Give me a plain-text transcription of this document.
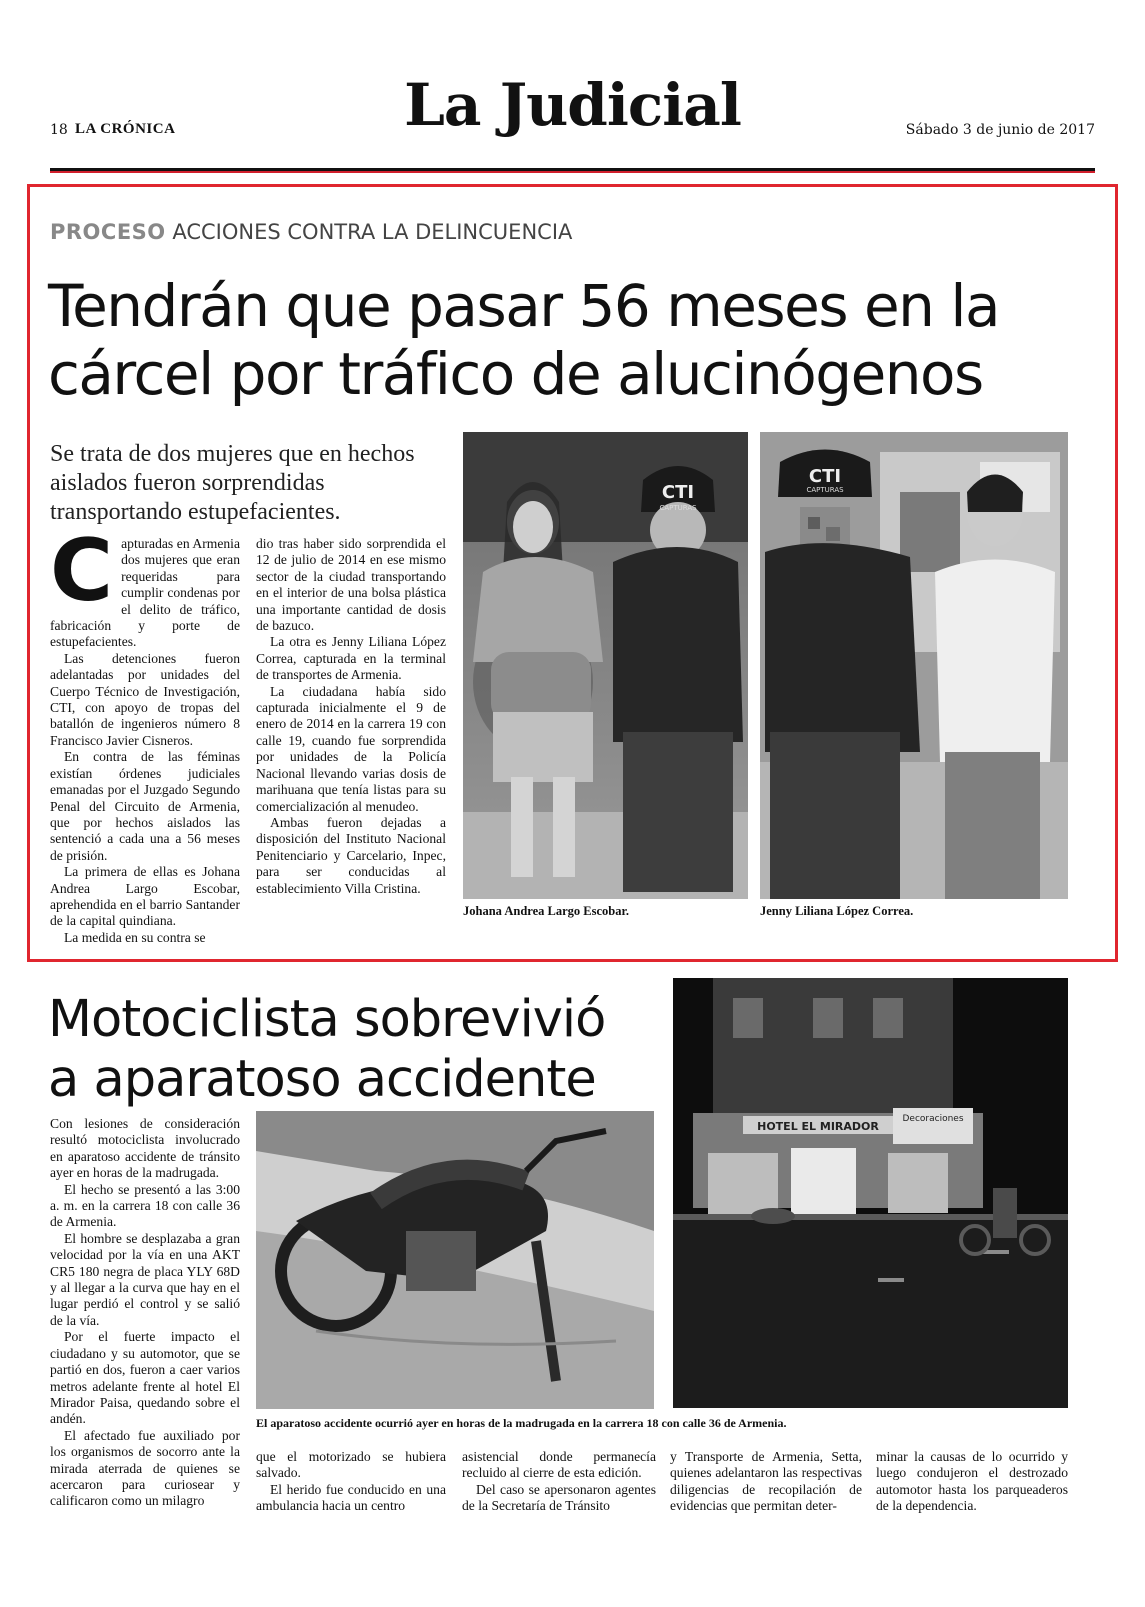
18 LA CRÓNICA	La Judicial	Sábado 3 de junio de 2017
PROCESO ACCIONES CONTRA LA DELINCUENCIA
Tendrán que pasar 56 meses en la
cárcel por tráfico de alucinógenos
Se trata de dos mujeres que en hechos aislados fueron sorprendidas transportando estupefacientes.
C apturadas en Armenia dos mujeres que eran requeridas para cumplir condenas por el delito de tráfico, fabricación y porte de estupefacientes.

Las detenciones fueron adelantadas por unidades del Cuerpo Técnico de Investigación, CTI, con apoyo de tropas del batallón de ingenieros número 8 Francisco Javier Cisneros.

En contra de las féminas existían órdenes judiciales emanadas por el Juzgado Segundo Penal del Circuito de Armenia, que por hechos aislados las sentenció a cada una a 56 meses de prisión.

La primera de ellas es Johana Andrea Largo Escobar, aprehendida en el barrio Santander de la capital quindiana.

La medida en su contra se

dio tras haber sido sorprendida el 12 de julio de 2014 en ese mismo sector de la ciudad transportando en el interior de una bolsa plástica una importante cantidad de dosis de bazuco.

La otra es Jenny Liliana López Correa, capturada en la terminal de transportes de Armenia.

La ciudadana había sido capturada inicialmente el 9 de enero de 2014 en la carrera 19 con calle 19, cuando fue sorprendida por unidades de la Policía Nacional llevando varias dosis de marihuana que tenía listas para su comercialización al menudeo.

Ambas fueron dejadas a disposición del Instituto Nacional Penitenciario y Carcelario, Inpec, para ser conducidas al establecimiento Villa Cristina.

CTI
CAPTURAS
Johana Andrea Largo Escobar.
CTI
CAPTURAS
Jenny Liliana López Correa.
Motociclista sobrevivió
a aparatoso accidente
HOTEL EL MIRADOR
Decoraciones
El aparatoso accidente ocurrió ayer en horas de la madrugada en la carrera 18 con calle 36 de Armenia.

Con lesiones de consideración resultó motociclista involucrado en aparatoso accidente de tránsito ayer en horas de la madrugada.

El hecho se presentó a las 3:00 a. m. en la carrera 18 con calle 36 de Armenia.

El hombre se desplazaba a gran velocidad por la vía en una AKT CR5 180 negra de placa YLY 68D y al llegar a la curva que hay en el lugar perdió el control y se salió de la vía.

Por el fuerte impacto el ciudadano y su automotor, que se partió en dos, fueron a caer varios metros adelante frente al hotel El Mirador Paisa, quedando sobre el andén.

El afectado fue auxiliado por los organismos de socorro ante la mirada aterrada de quienes se acercaron para curiosear y calificaron como un milagro

que el motorizado se hubiera salvado.

El herido fue conducido en una ambulancia hacia un centro

asistencial donde permanecía recluido al cierre de esta edición.

Del caso se apersonaron agentes de la Secretaría de Tránsito

y Transporte de Armenia, Setta, quienes adelantaron las respectivas diligencias de recopilación de evidencias que permitan deter-

minar la causas de lo ocurrido y luego condujeron el destrozado automotor hasta los parqueaderos de la dependencia.
